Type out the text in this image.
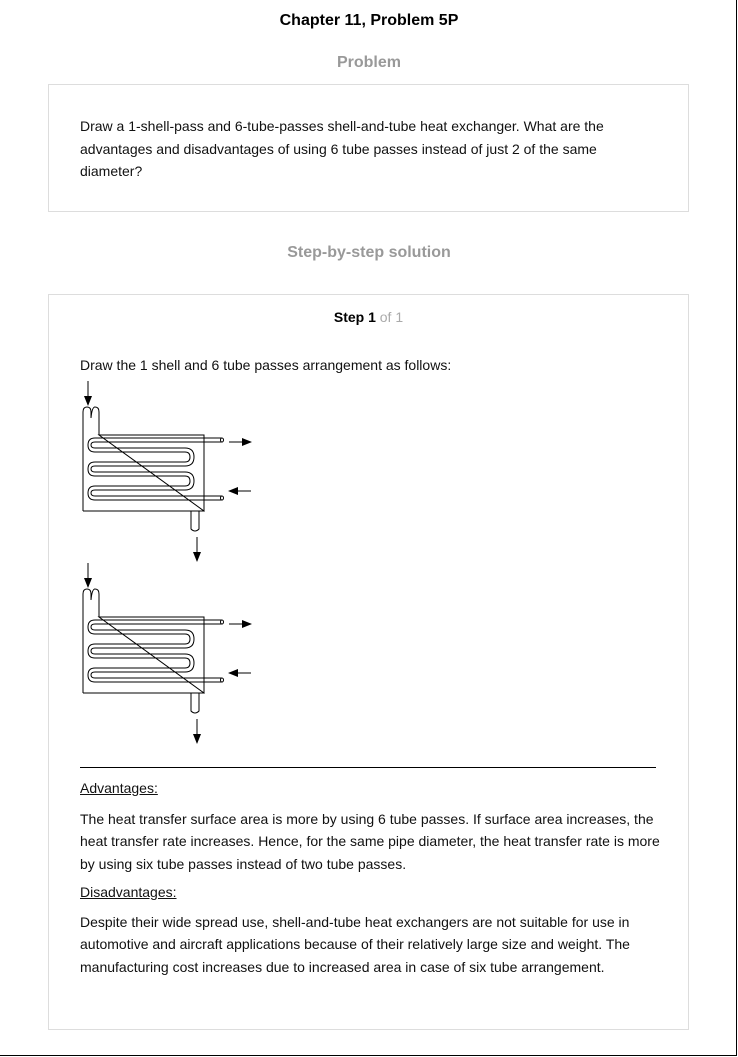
Chapter 11, Problem 5P
Problem
Draw a 1-shell-pass and 6-tube-passes shell-and-tube heat exchanger. What are the advantages and disadvantages of using 6 tube passes instead of just 2 of the same diameter?
Step-by-step solution
Step 1 of 1
Draw the 1 shell and 6 tube passes arrangement as follows:
Advantages:
The heat transfer surface area is more by using 6 tube passes. If surface area increases, the heat transfer rate increases. Hence, for the same pipe diameter, the heat transfer rate is more by using six tube passes instead of two tube passes.
Disadvantages:
Despite their wide spread use, shell-and-tube heat exchangers are not suitable for use in automotive and aircraft applications because of their relatively large size and weight. The manufacturing cost increases due to increased area in case of six tube arrangement.
